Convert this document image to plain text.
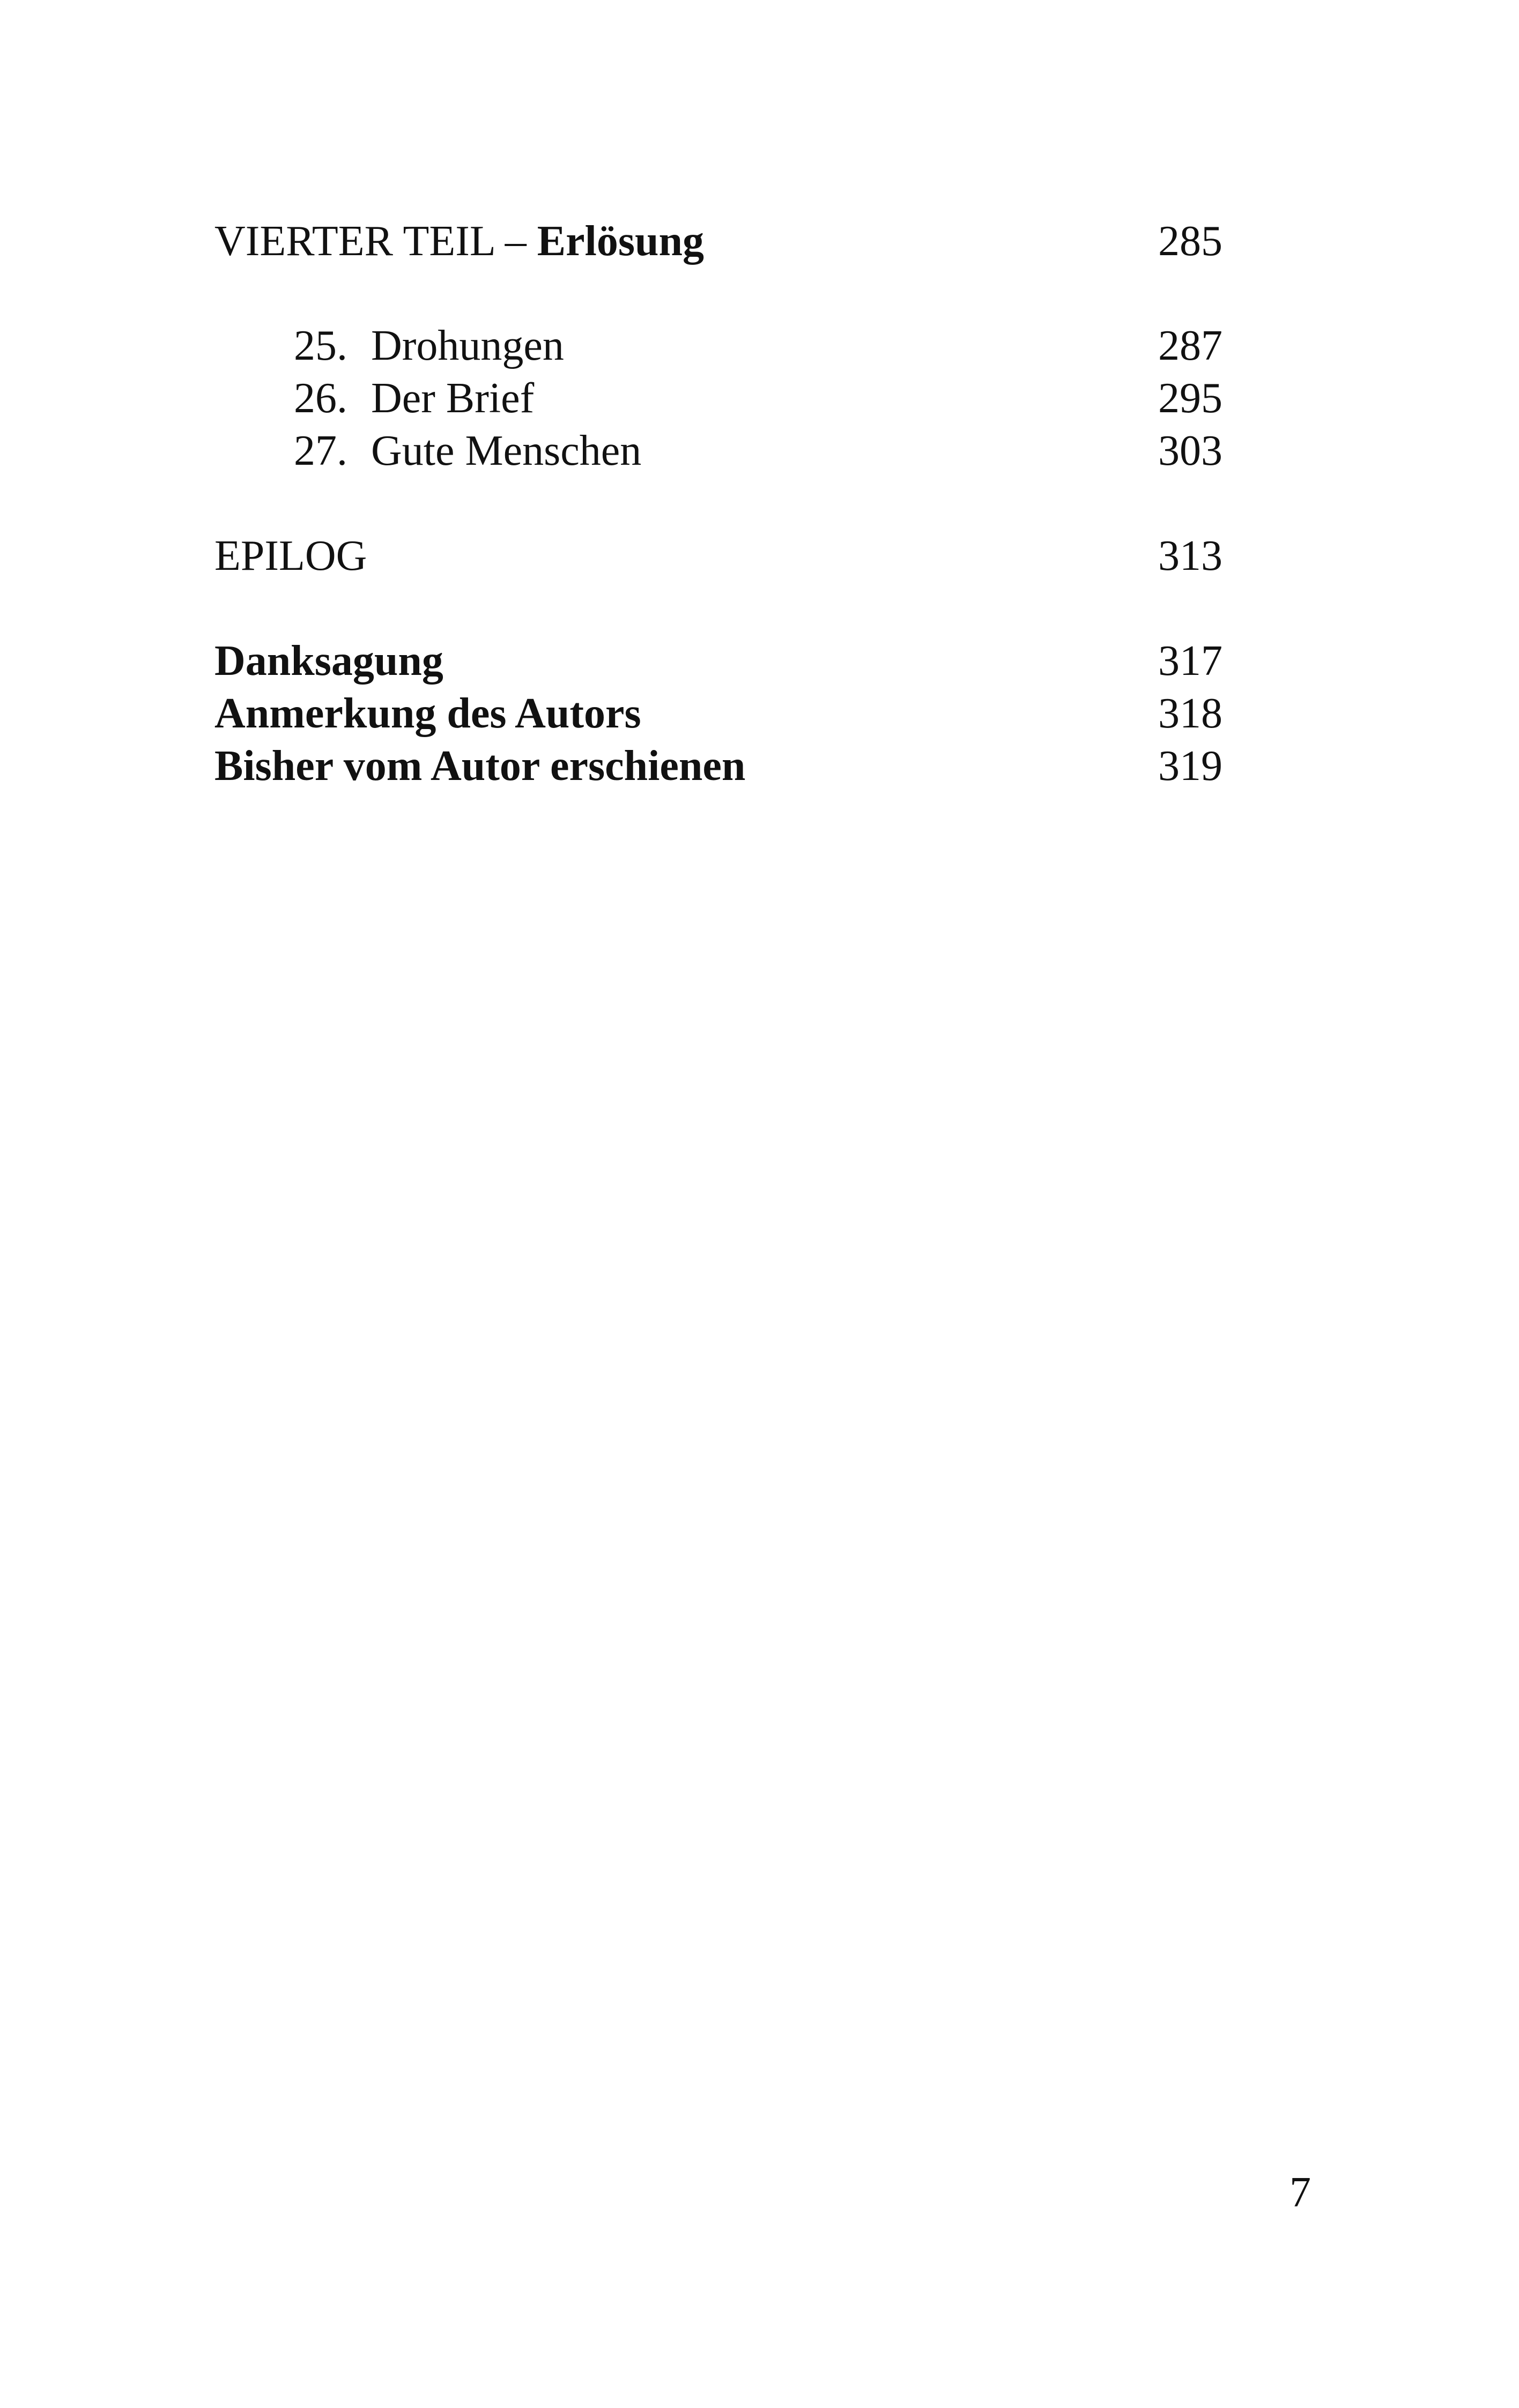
VIERTER TEIL – Erlösung	285
25. Drohungen	287
26. Der Brief	295
27. Gute Menschen	303
EPILOG	313
Danksagung	317
Anmerkung des Autors	318
Bisher vom Autor erschienen	319
7
